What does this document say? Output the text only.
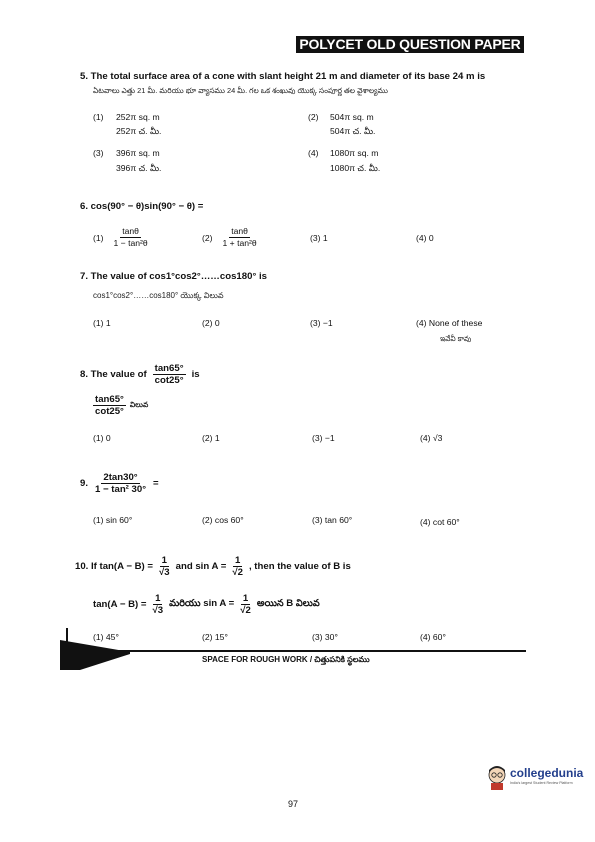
POLYCET OLD QUESTION PAPER
5. The total surface area of a cone with slant height 21 m and diameter of its base 24 m is
ఏటవాలు ఎత్తు 21 మీ. మరియు భూ వ్యాసము 24 మీ. గల ఒక శంఖువు యొక్క సంపూర్ణ తల వైశాల్యము
(1) 252π sq. m
252π చ. మీ.
(2) 504π sq. m
504π చ. మీ.
(3) 396π sq. m
396π చ. మీ.
(4) 1080π sq. m
1080π చ. మీ.
6. cos(90° − θ)sin(90° − θ) =
$(1) \frac{\tan\theta}{\text{1 − tan²θ}}$	$(2) \frac{\tan\theta}{\text{1 + tan²θ}}$	(3) 1	(4) 0
7. The value of cos1°cos2°……cos180° is
cos1°cos2°……cos180° యొక్క విలువ
(1) 1	(2) 0	(3) −1	(4) None of these
ఇవేవీ కావు
8. The value of $\frac{\tan 65^\circ}{\cot 25^\circ}$ is
$\frac{\tan 65^\circ}{\cot 25^\circ}$ విలువ
(1) 0	(2) 1	(3) −1	(4) √3
9. $\frac{2\tan 30^\circ}{\text{1 − tan² 30°}}$ =
(1) sin 60°	(2) cos 60°	(3) tan 60°	(4) cot 60°
10. If $\tan(A - B) = \frac{1}{√3}$ and $\sin A = \frac{1}{√2}$ , then the value of B is
$\tan(A - B) = \frac{1}{√3}$ మరియు $\sin A = \frac{1}{√2}$ అయిన B విలువ
(1) 45°	(2) 15°	(3) 30°	(4) 60°
SPACE FOR ROUGH WORK / చిత్తుపనికి స్థలము
collegedunia
India's largest Student Review Platform
97
